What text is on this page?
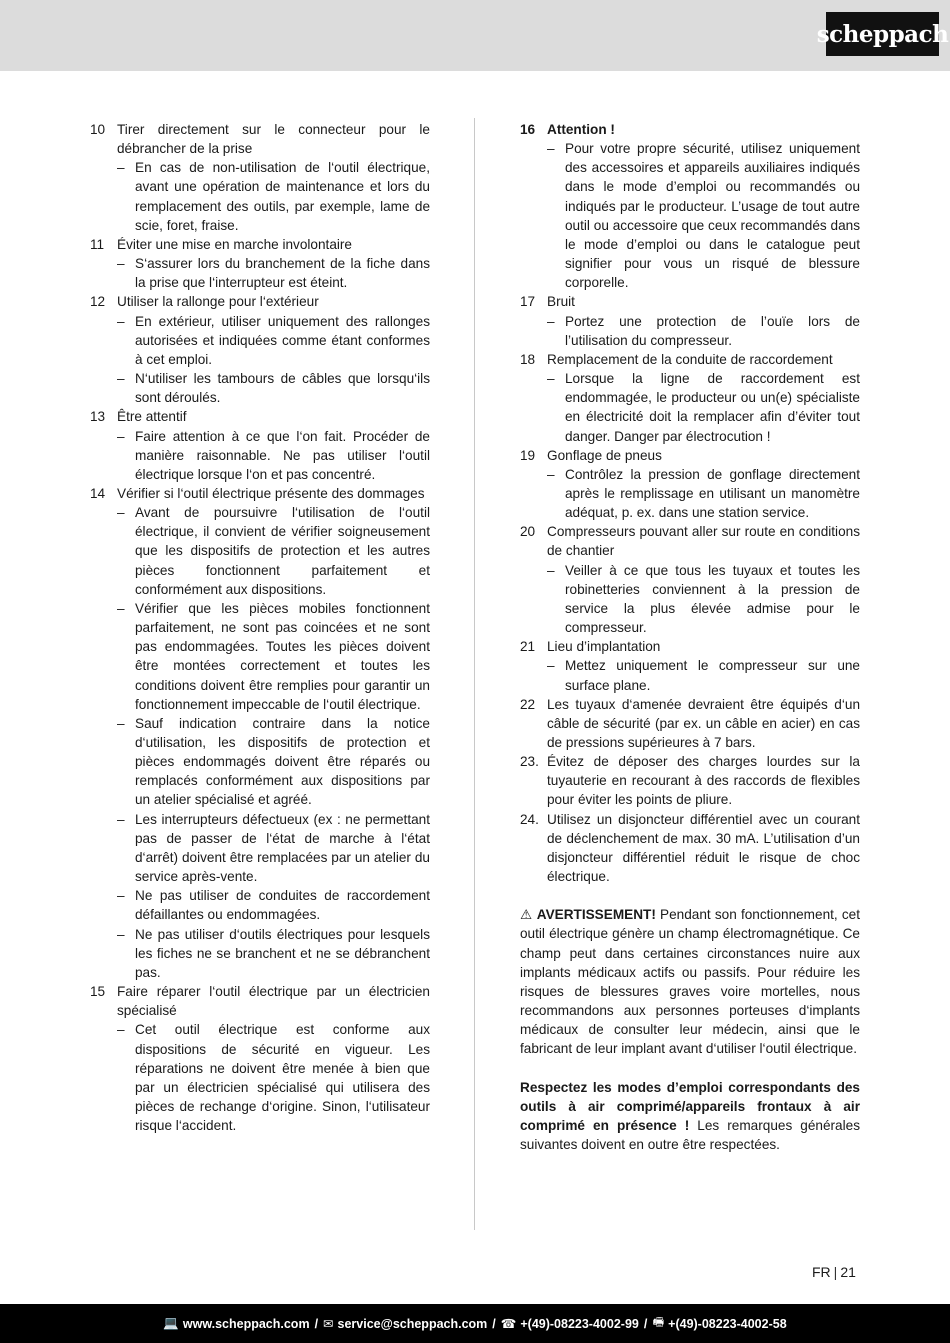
scheppach
10 Tirer directement sur le connecteur pour le débrancher de la prise
– En cas de non-utilisation de l‘outil électrique, avant une opération de maintenance et lors du remplacement des outils, par exemple, lame de scie, foret, fraise.
11 Éviter une mise en marche involontaire
– S‘assurer lors du branchement de la fiche dans la prise que l‘interrupteur est éteint.
12 Utiliser la rallonge pour l‘extérieur
– En extérieur, utiliser uniquement des rallonges autorisées et indiquées comme étant conformes à cet emploi.
– N‘utiliser les tambours de câbles que lorsqu‘ils sont déroulés.
13 Être attentif
– Faire attention à ce que l‘on fait. Procéder de manière raisonnable. Ne pas utiliser l‘outil électrique lorsque l‘on et pas concentré.
14 Vérifier si l‘outil électrique présente des dommages
– Avant de poursuivre l‘utilisation de l‘outil électrique, il convient de vérifier soigneusement que les dispositifs de protection et les autres pièces fonctionnent parfaitement et conformément aux dispositions.
– Vérifier que les pièces mobiles fonctionnent parfaitement, ne sont pas coincées et ne sont pas endommagées. Toutes les pièces doivent être montées correctement et toutes les conditions doivent être remplies pour garantir un fonctionnement impeccable de l‘outil électrique.
– Sauf indication contraire dans la notice d‘utilisation, les dispositifs de protection et pièces endommagés doivent être réparés ou remplacés conformément aux dispositions par un atelier spécialisé et agréé.
– Les interrupteurs défectueux (ex : ne permettant pas de passer de l‘état de marche à l‘état d‘arrêt) doivent être remplacées par un atelier du service après-vente.
– Ne pas utiliser de conduites de raccordement défaillantes ou endommagées.
– Ne pas utiliser d‘outils électriques pour lesquels les fiches ne se branchent et ne se débranchent pas.
15 Faire réparer l‘outil électrique par un électricien spécialisé
– Cet outil électrique est conforme aux dispositions de sécurité en vigueur. Les réparations ne doivent être menée à bien que par un électricien spécialisé qui utilisera des pièces de rechange d‘origine. Sinon, l‘utilisateur risque l‘accident.
16 Attention !
– Pour votre propre sécurité, utilisez uniquement des accessoires et appareils auxiliaires indiqués dans le mode d’emploi ou recommandés ou indiqués par le producteur. L’usage de tout autre outil ou accessoire que ceux recommandés dans le mode d’emploi ou dans le catalogue peut signifier pour vous un risqué de blessure corporelle.
17 Bruit
– Portez une protection de l’ouïe lors de l’utilisation du compresseur.
18 Remplacement de la conduite de raccordement
– Lorsque la ligne de raccordement est endommagée, le producteur ou un(e) spécialiste en électricité doit la remplacer afin d’éviter tout danger. Danger par électrocution !
19 Gonflage de pneus
– Contrôlez la pression de gonflage directement après le remplissage en utilisant un manomètre adéquat, p. ex. dans une station service.
20 Compresseurs pouvant aller sur route en conditions de chantier
– Veiller à ce que tous les tuyaux et toutes les robinetteries conviennent à la pression de service la plus élevée admise pour le compresseur.
21 Lieu d’implantation
– Mettez uniquement le compresseur sur une surface plane.
22 Les tuyaux d‘amenée devraient être équipés d‘un câble de sécurité (par ex. un câble en acier) en cas de pressions supérieures à 7 bars.
23. Évitez de déposer des charges lourdes sur la tuyauterie en recourant à des raccords de flexibles pour éviter les points de pliure.
24. Utilisez un disjoncteur différentiel avec un courant de déclenchement de max. 30 mA. L’utilisation d’un disjoncteur différentiel réduit le risque de choc électrique.
⚠ AVERTISSEMENT! Pendant son fonctionnement, cet outil électrique génère un champ électromagnétique. Ce champ peut dans certaines circonstances nuire aux implants médicaux actifs ou passifs. Pour réduire les risques de blessures graves voire mortelles, nous recommandons aux personnes porteuses d‘implants médicaux de consulter leur médecin, ainsi que le fabricant de leur implant avant d‘utiliser l‘outil électrique.
Respectez les modes d’emploi correspondants des outils à air comprimé/appareils frontaux à air comprimé en présence ! Les remarques générales suivantes doivent en outre être respectées.
FR | 21
💻 www.scheppach.com / ✉ service@scheppach.com / ☎ +(49)-08223-4002-99 / 🖷 +(49)-08223-4002-58
